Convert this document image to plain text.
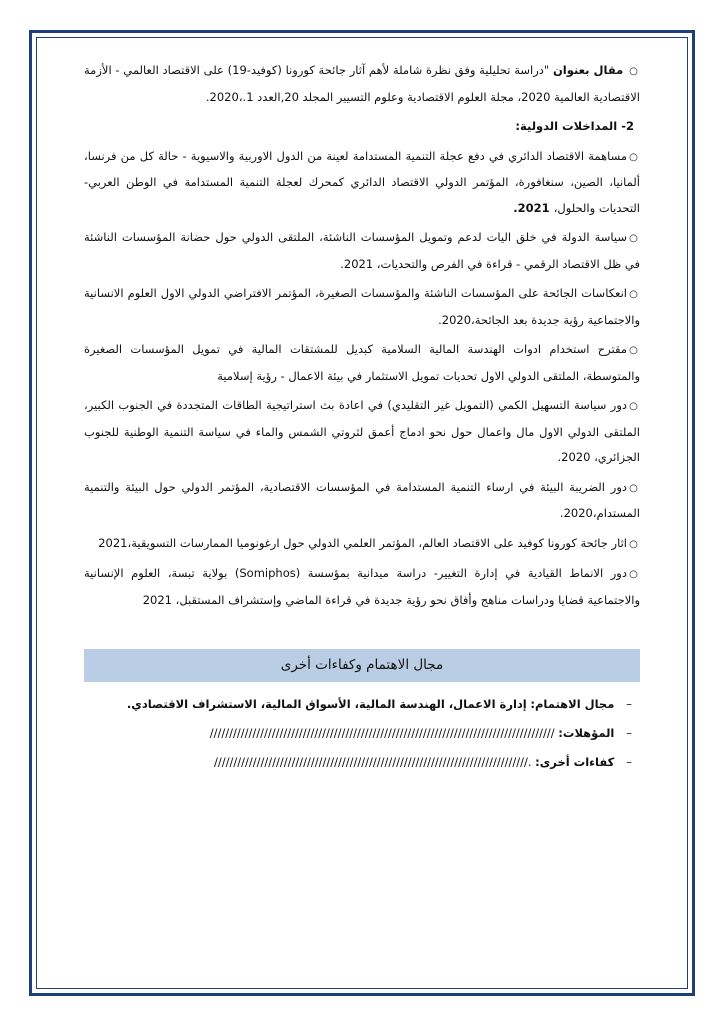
○ مقال بعنوان "دراسة تحليلية وفق نظرة شاملة لأهم آثار جائحة كورونا (كوفيد-19) على الاقتصاد العالمي - الأزمة الاقتصادية العالمية 2020، مجلة العلوم الاقتصادية وعلوم التسيير المجلد 20,العدد 1.،2020.
2- المداخلات الدولية:
○مساهمة الاقتصاد الدائري في دفع عجلة التنمية المستدامة لعينة من الدول الاوربية والاسيوية - حالة كل من فرنسا، ألمانيا، الصين، سنغافورة، المؤتمر الدولي الاقتصاد الدائري كمحرك لعجلة التنمية المستدامة في الوطن العربي- التحديات والحلول، 2021.
○سياسة الدولة في خلق اليات لدعم وتمويل المؤسسات الناشئة، الملتقى الدولي حول حضانة المؤسسات الناشئة في ظل الاقتصاد الرقمي - قراءة في الفرص والتحديات، 2021.
○انعكاسات الجائحة على المؤسسات الناشئة والمؤسسات الصغيرة، المؤتمر الافتراضي الدولي الاول العلوم الانسانية والاجتماعية رؤية جديدة بعد الجائحة،2020.
○مقترح استخدام ادوات الهندسة المالية السلامية كبديل للمشتقات المالية في تمويل المؤسسات الصغيرة والمتوسطة، الملتقى الدولي الاول تحديات تمويل الاستثمار في بيئة الاعمال - رؤية إسلامية
○دور سياسة التسهيل الكمي (التمويل غير التقليدي) في اعادة بث استراتيجية الطاقات المتجددة في الجنوب الكبير، الملتقى الدولي الاول مال واعمال حول نحو ادماج أعمق لثروتي الشمس والماء في سياسة التنمية الوطنية للجنوب الجزائري، 2020.
○دور الضريبة البيئة في ارساء التنمية المستدامة في المؤسسات الاقتصادية، المؤتمر الدولي حول البيئة والتنمية المستدام،2020.
○اثار جائحة كورونا كوفيد على الاقتصاد العالم، المؤتمر العلمي الدولي حول ارغونوميا الممارسات التسويقية،2021
○دور الانماط القيادية في إدارة التغيير- دراسة ميدانية بمؤسسة (Somiphos) بولاية تبسة، العلوم الإنسانية والاجتماعية قضايا ودراسات مناهج وأفاق نحو رؤية جديدة في قراءة الماضي وإستشراف المستقبل، 2021
مجال الاهتمام وكفاءات أخرى
– مجال الاهتمام: إدارة الاعمال، الهندسة المالية، الأسواق المالية، الاستشراف الاقتصادي.
– المؤهلات: /////////////////////////////////////////////////////////////////////////////////////////
– كفاءات أخرى: ./////////////////////////////////////////////////////////////////////////////////
